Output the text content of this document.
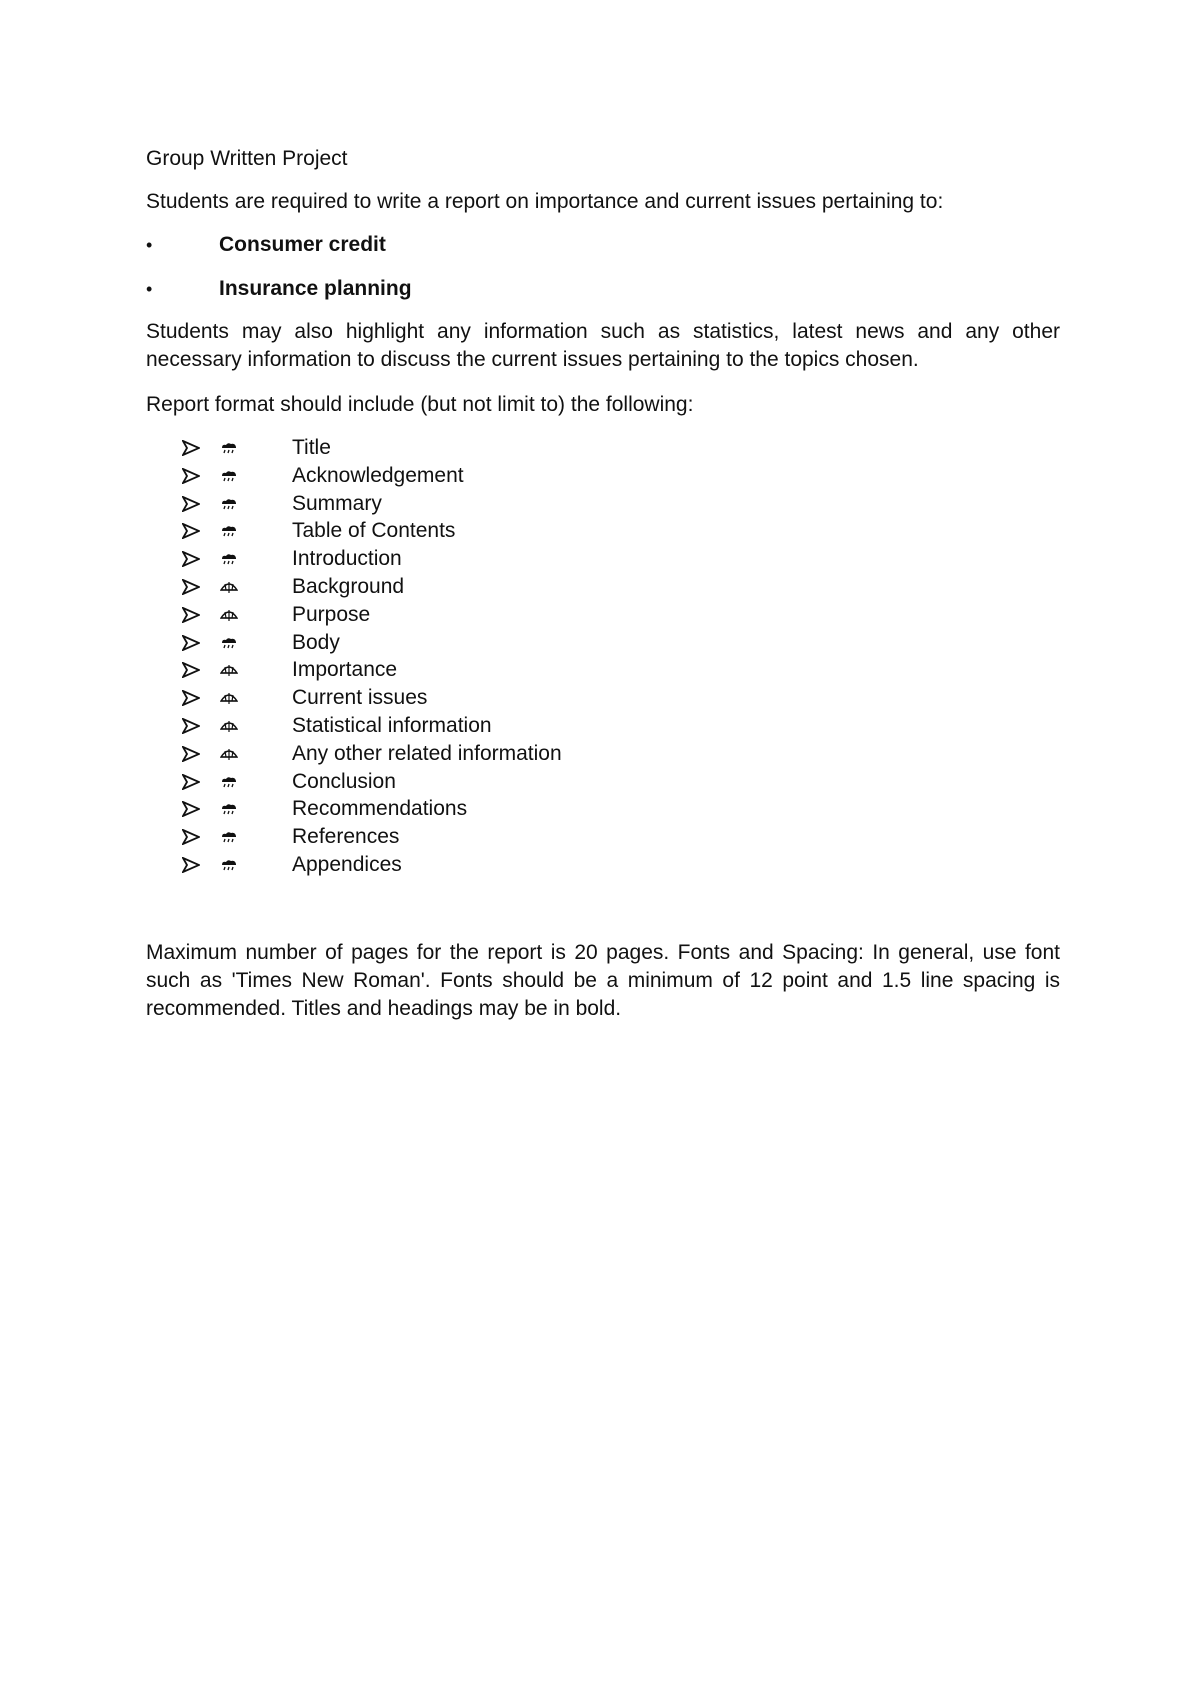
Group Written Project
Students are required to write a report on importance and current issues pertaining to:
•	Consumer credit
•	Insurance planning
Students may also highlight any information such as statistics, latest news and any other necessary information to discuss the current issues pertaining to the topics chosen.
Report format should include (but not limit to) the following:
Title
Acknowledgement
Summary
Table of Contents
Introduction
Background
Purpose
Body
Importance
Current issues
Statistical information
Any other related information
Conclusion
Recommendations
References
Appendices
Maximum number of pages for the report is 20 pages. Fonts and Spacing: In general, use font such as 'Times New Roman'. Fonts should be a minimum of 12 point and 1.5 line spacing is recommended. Titles and headings may be in bold.
